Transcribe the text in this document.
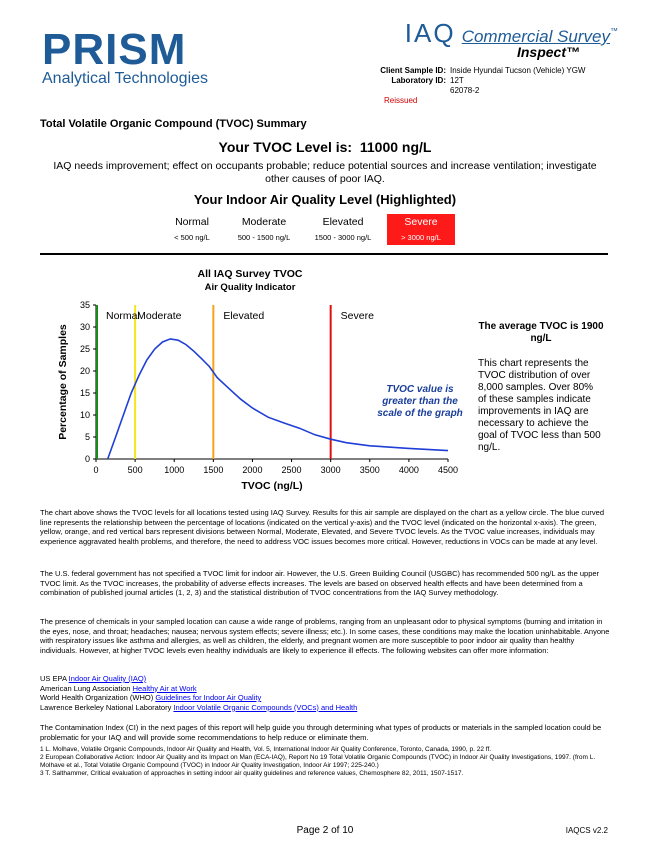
PRISM
Analytical Technologies
IAQ Commercial Survey™
Inspect™
Client Sample ID: Inside Hyundai Tucson (Vehicle) YGW
Laboratory ID: 12T
62078-2
Reissued
Total Volatile Organic Compound (TVOC) Summary
Your TVOC Level is: 11000 ng/L
IAQ needs improvement; effect on occupants probable; reduce potential sources and increase ventilation; investigate other causes of poor IAQ.
Your Indoor Air Quality Level (Highlighted)
Normal
< 500 ng/L
Moderate
500 - 1500 ng/L
Elevated
1500 - 3000 ng/L
Severe
> 3000 ng/L
All IAQ Survey TVOC
Air Quality Indicator
0
5
10
15
20
25
30
35
0	500 1000 1500 2000 2500 3000 3500 4000 4500
Normal
Moderate	Elevated	Severe
TVOC value is
greater than the
scale of the graph
TVOC (ng/L)
Percentage of Samples	The average TVOC is 1900 ng/L
This chart represents the TVOC distribution of over 8,000 samples. Over 80% of these samples indicate improvements in IAQ are necessary to achieve the goal of TVOC less than 500 ng/L.
The chart above shows the TVOC levels for all locations tested using IAQ Survey. Results for this air sample are displayed on the chart as a yellow circle. The blue curved line represents the relationship between the percentage of locations (indicated on the vertical y-axis) and the TVOC level (indicated on the horizontal x-axis). The green, yellow, orange, and red vertical bars represent divisions between Normal, Moderate, Elevated, and Severe TVOC levels. As the TVOC value increases, individuals may experience aggravated health problems, and therefore, the need to address VOC issues becomes more critical. However, reductions in VOCs can be made at any level.
The U.S. federal government has not specified a TVOC limit for indoor air. However, the U.S. Green Building Council (USGBC) has recommended 500 ng/L as the upper TVOC limit. As the TVOC increases, the probability of adverse effects increases. The levels are based on observed health effects and have been determined from a combination of published journal articles (1, 2, 3) and the statistical distribution of TVOC concentrations from the IAQ Survey methodology.
The presence of chemicals in your sampled location can cause a wide range of problems, ranging from an unpleasant odor to physical symptoms (burning and irritation in the eyes, nose, and throat; headaches; nausea; nervous system effects; severe illness; etc.). In some cases, these conditions may make the location uninhabitable. Anyone with respiratory issues like asthma and allergies, as well as children, the elderly, and pregnant women are more susceptible to poor indoor air quality than healthy individuals. However, at higher TVOC levels even healthy individuals are likely to experience ill effects. The following websites can offer more information:
US EPA Indoor Air Quality (IAQ)
American Lung Association Healthy Air at Work
World Health Organization (WHO) Guidelines for Indoor Air Quality
Lawrence Berkeley National Laboratory Indoor Volatile Organic Compounds (VOCs) and Health
The Contamination Index (CI) in the next pages of this report will help guide you through determining what types of products or materials in the sampled location could be problematic for your IAQ and will provide some recommendations to help reduce or eliminate them.
1 L. Molhave, Volatile Organic Compounds, Indoor Air Quality and Health, Vol. 5, International Indoor Air Quality Conference, Toronto, Canada, 1990, p. 22 ff.
2 European Collaborative Action: Indoor Air Quality and its Impact on Man (ECA-IAQ), Report No 19 Total Volatile Organic Compounds (TVOC) in Indoor Air Quality Investigations, 1997. (from L. Molhave et al., Total Volatile Organic Compound (TVOC) in Indoor Air Quality Investigation, Indoor Air 1997; 225-240.)
3 T. Salthammer, Critical evaluation of approaches in setting indoor air quality guidelines and reference values, Chemosphere 82, 2011, 1507-1517.
Page 2 of 10	IAQCS v2.2
